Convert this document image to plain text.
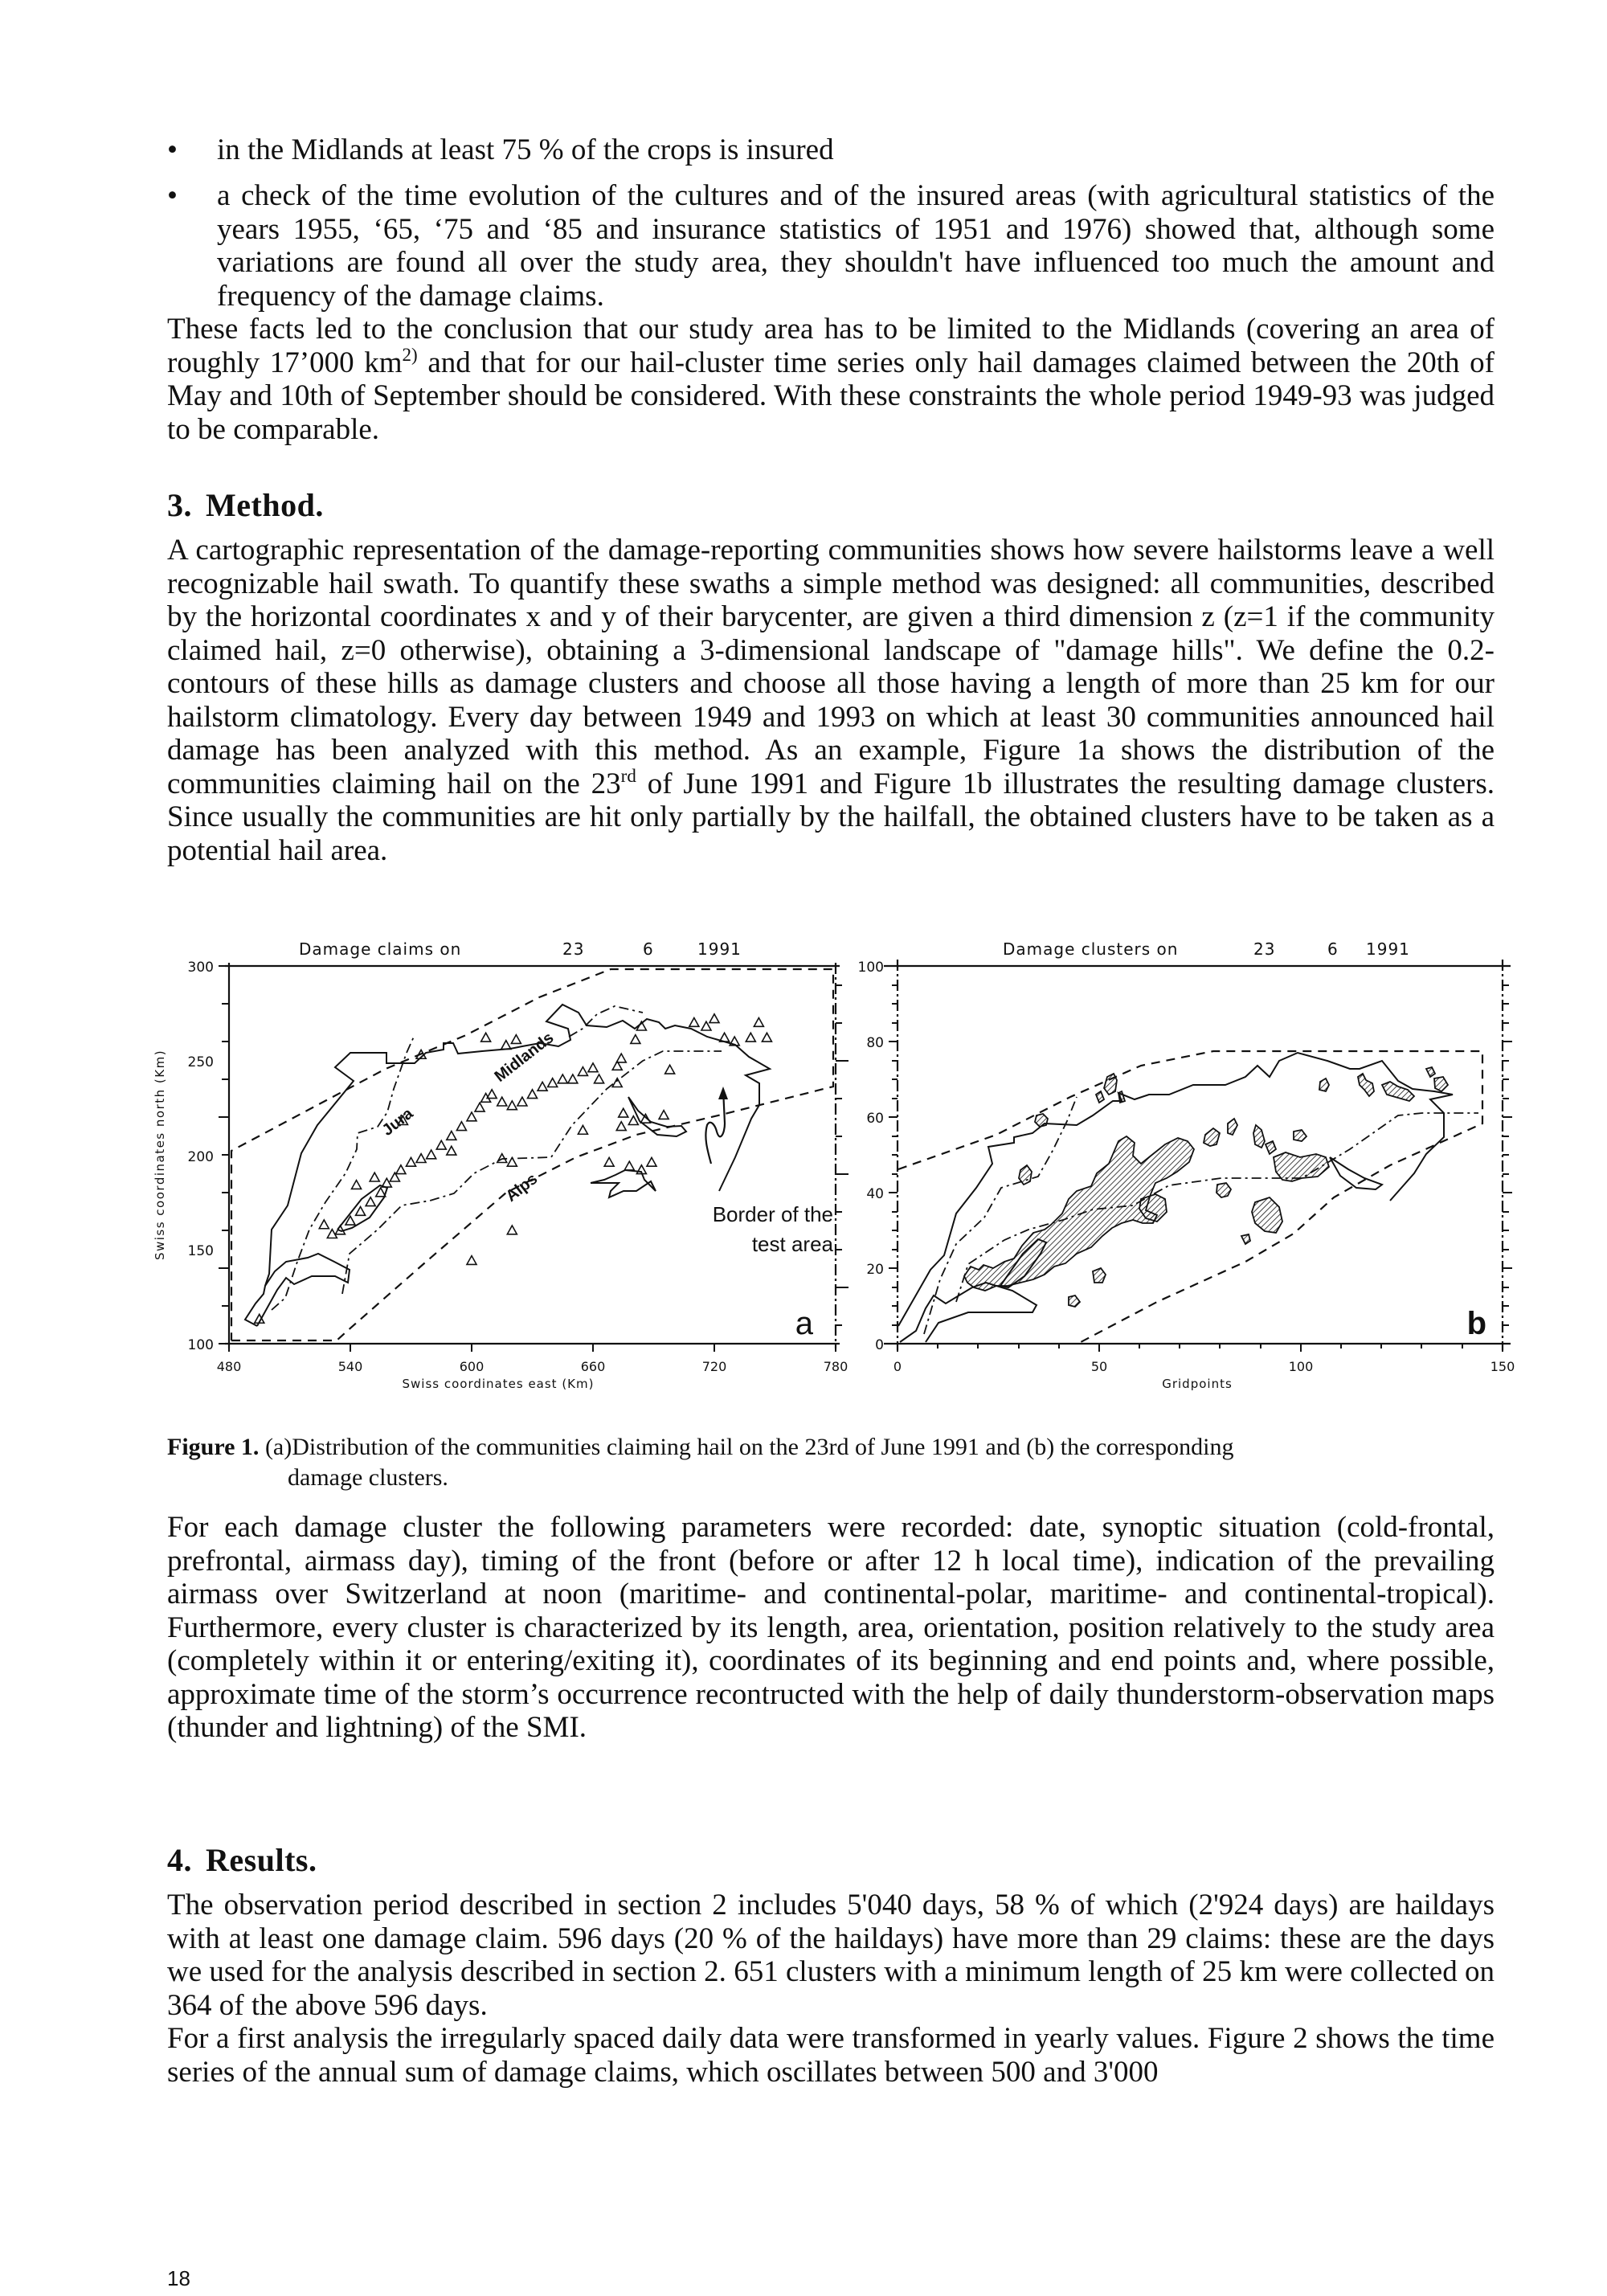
•	in the Midlands at least 75 % of the crops is insured
•	a check of the time evolution of the cultures and of the insured areas (with agricultural statistics of the years 1955, ‘65, ‘75 and ‘85 and insurance statistics of 1951 and 1976) showed that, although some variations are found all over the study area, they shouldn't have influenced too much the amount and frequency of the damage claims.

These facts led to the conclusion that our study area has to be limited to the Midlands (covering an area of roughly 17’000 $km^{2)}$ and that for our hail-cluster time series only hail damages claimed between the 20th of May and 10th of September should be considered. With these constraints the whole period 1949-93 was judged to be comparable.

3. Method.

A cartographic representation of the damage-reporting communities shows how severe hailstorms leave a well recognizable hail swath. To quantify these swaths a simple method was designed: all communities, described by the horizontal coordinates x and y of their barycenter, are given a third dimension z (z=1 if the community claimed hail, z=0 otherwise), obtaining a 3-dimensional landscape of "damage hills". We define the 0.2-contours of these hills as damage clusters and choose all those having a length of more than 25 km for our hailstorm climatology. Every day between 1949 and 1993 on which at least 30 communities announced hail damage has been analyzed with this method. As an example, Figure 1a shows the distribution of the communities claiming hail on the 23rd of June 1991 and Figure 1b illustrates the resulting damage clusters. Since usually the communities are hit only partially by the hailfall, the obtained clusters have to be taken as a potential hail area.

300
250
200
150
100
480	540	600	660	720	780
Swiss coordinates east (Km)
Swiss coordinates north (Km)
Damage claims on	23	6	1991
Jura
Midlands
Alps
Border of the
test area
a
100
80
60
40
20
0
0	50	100	150
Gridpoints
Damage clusters on	23	6 1991
b
Figure 1. (a)Distribution of the communities claiming hail on the 23rd of June 1991 and (b) the corresponding
damage clusters.

For each damage cluster the following parameters were recorded: date, synoptic situation (cold-frontal, prefrontal, airmass day), timing of the front (before or after 12 h local time), indication of the prevailing airmass over Switzerland at noon (maritime- and continental-polar, maritime- and continental-tropical). Furthermore, every cluster is characterized by its length, area, orientation, position relatively to the study area (completely within it or entering/exiting it), coordinates of its beginning and end points and, where possible, approximate time of the storm’s occurrence recontructed with the help of daily thunderstorm-observation maps (thunder and lightning) of the SMI.

4. Results.

The observation period described in section 2 includes 5'040 days, 58 % of which (2'924 days) are haildays with at least one damage claim. 596 days (20 % of the haildays) have more than 29 claims: these are the days we used for the analysis described in section 2. 651 clusters with a minimum length of 25 km were collected on 364 of the above 596 days.

For a first analysis the irregularly spaced daily data were transformed in yearly values. Figure 2 shows the time series of the annual sum of damage claims, which oscillates between 500 and 3'000

18
